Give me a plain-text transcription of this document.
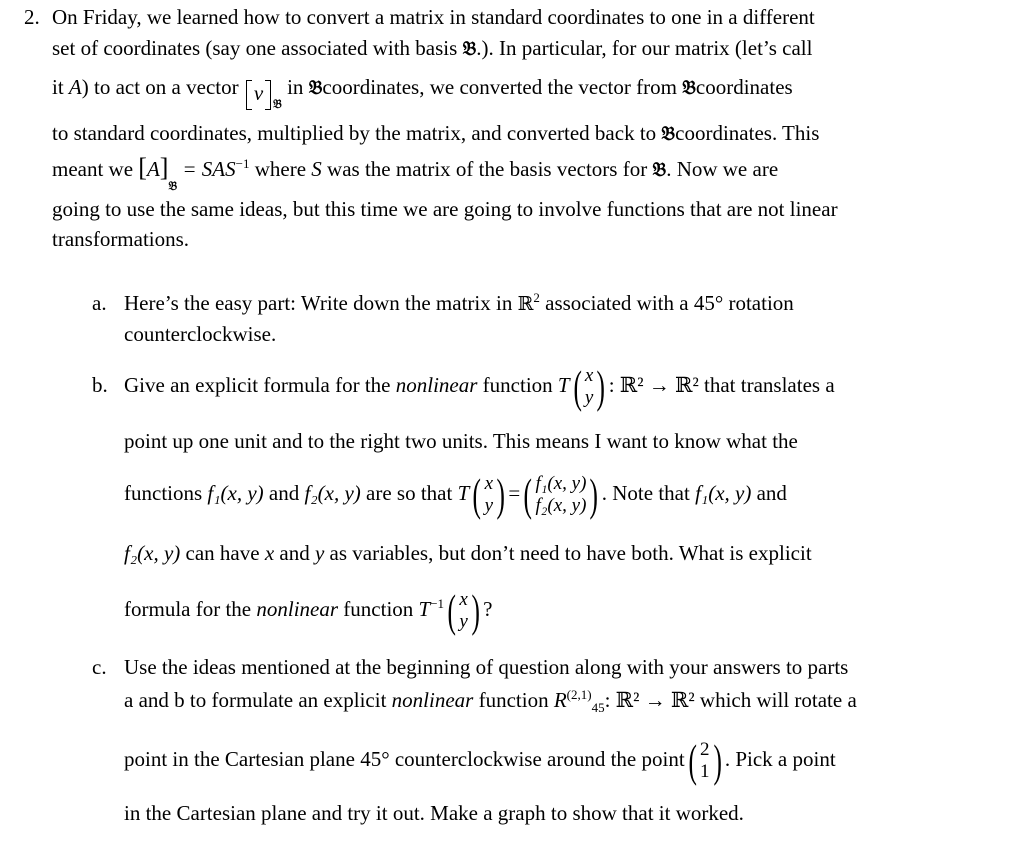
2. On Friday, we learned how to convert a matrix in standard coordinates to one in a different
set of coordinates (say one associated with basis 𝔅.). In particular, for our matrix (let’s call
it A) to act on a vector v $_𝔅$ in 𝔅coordinates, we converted the vector from 𝔅coordinates
to standard coordinates, multiplied by the matrix, and converted back to 𝔅coordinates. This
meant we $[A]_𝔅 = SAS^{-1}$ where S was the matrix of the basis vectors for 𝔅. Now we are
going to use the same ideas, but this time we are going to involve functions that are not linear
transformations.
a. Here’s the easy part: Write down the matrix in ℝ$^2$ associated with a 45° rotation
counterclockwise.
b. Give an explicit formula for the nonlinear function T( x
y ) : ℝ² → ℝ² that translates a
point up one unit and to the right two units. This means I want to know what the
functions f₁(x, y) and f₂(x, y) are so that T( x
y ) =( f₁(x, y)
f₂(x, y) ) . Note that f₁(x, y) and
f₂(x, y) can have x and y as variables, but don’t need to have both. What is explicit
formula for the nonlinear function $T^{-1}$( x
y ) ?
c. Use the ideas mentioned at the beginning of question along with your answers to parts
a and b to formulate an explicit nonlinear function R$^{(2,1)}_{45}$: ℝ² → ℝ² which will rotate a
point in the Cartesian plane 45° counterclockwise around the point( 2
1 ) . Pick a point
in the Cartesian plane and try it out. Make a graph to show that it worked.
